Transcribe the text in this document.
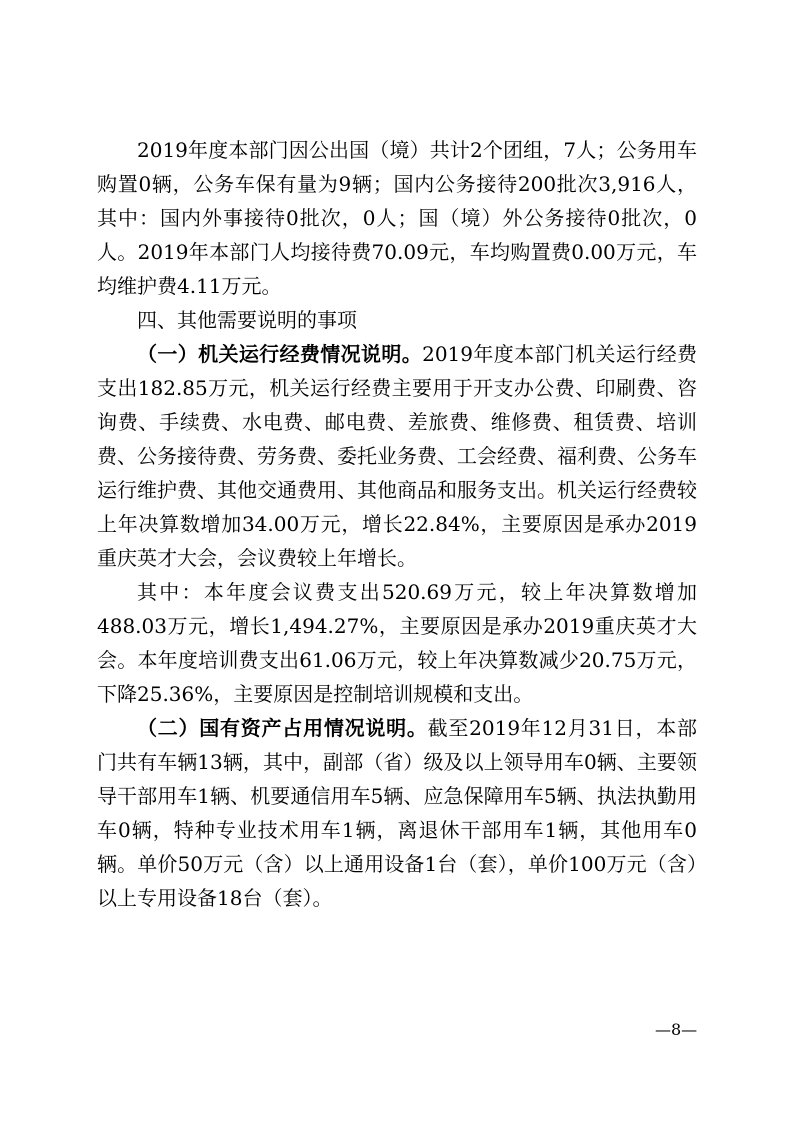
2019年度本部门因公出国（境）共计2个团组，7人；公务用车购置0辆，公务车保有量为9辆；国内公务接待200批次3,916人，其中：国内外事接待0批次，0人；国（境）外公务接待0批次，0人。2019年本部门人均接待费70.09元，车均购置费0.00万元，车均维护费4.11万元。

四、其他需要说明的事项

（一）机关运行经费情况说明。2019年度本部门机关运行经费支出182.85万元，机关运行经费主要用于开支办公费、印刷费、咨询费、手续费、水电费、邮电费、差旅费、维修费、租赁费、培训费、公务接待费、劳务费、委托业务费、工会经费、福利费、公务车运行维护费、其他交通费用、其他商品和服务支出。机关运行经费较上年决算数增加34.00万元，增长22.84%，主要原因是承办2019重庆英才大会，会议费较上年增长。

其中：本年度会议费支出520.69万元，较上年决算数增加488.03万元，增长1,494.27%，主要原因是承办2019重庆英才大会。本年度培训费支出61.06万元，较上年决算数减少20.75万元，下降25.36%，主要原因是控制培训规模和支出。

（二）国有资产占用情况说明。截至2019年12月31日，本部门共有车辆13辆，其中，副部（省）级及以上领导用车0辆、主要领导干部用车1辆、机要通信用车5辆、应急保障用车5辆、执法执勤用车0辆，特种专业技术用车1辆，离退休干部用车1辆，其他用车0辆。单价50万元（含）以上通用设备1台（套），单价100万元（含）以上专用设备18台（套）。

—8—
